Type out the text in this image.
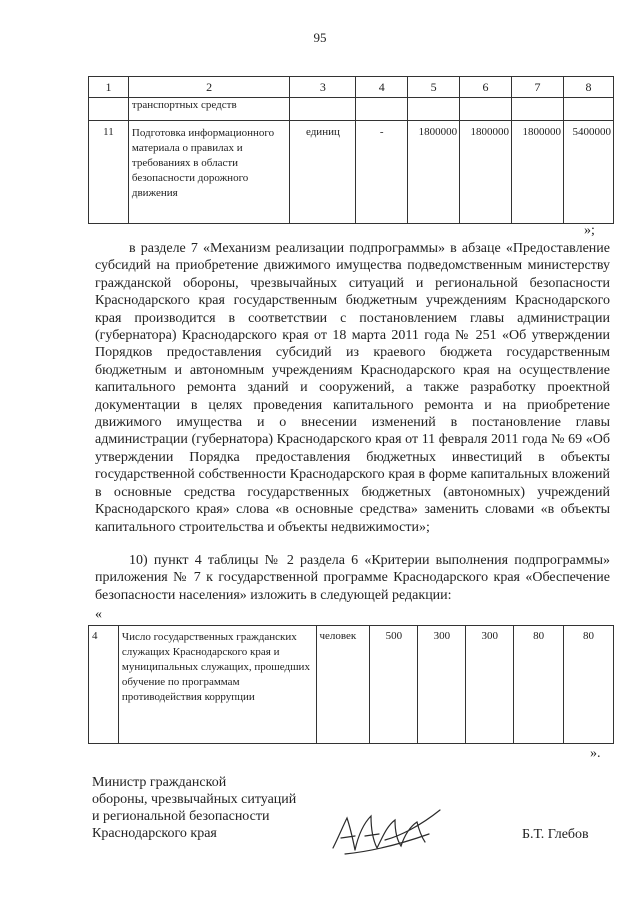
95
1	2	3	4	5	6	7	8
	транспортных средств						
11	Подготовка информационного материала о правилах и требованиях в области безопасности дорожного движения	единиц	-	1800000	1800000	1800000	5400000
»;

в разделе 7 «Механизм реализации подпрограммы» в абзаце «Предоставление субсидий на приобретение движимого имущества подведомственным министерству гражданской обороны, чрезвычайных ситуаций и региональной безопасности Краснодарского края государственным бюджетным учреждениям Краснодарского края производится в соответствии с постановлением главы администрации (губернатора) Краснодарского края от 18 марта 2011 года № 251 «Об утверждении Порядков предоставления субсидий из краевого бюджета государственным бюджетным и автономным учреждениям Краснодарского края на осуществление капитального ремонта зданий и сооружений, а также разработку проектной документации в целях проведения капитального ремонта и на приобретение движимого имущества и о внесении изменений в постановление главы администрации (губернатора) Краснодарского края от 11 февраля 2011 года № 69 «Об утверждении Порядка предоставления бюджетных инвестиций в объекты государственной собственности Краснодарского края в форме капитальных вложений в основные средства государственных бюджетных (автономных) учреждений Краснодарского края» слова «в основные средства» заменить словами «в объекты капитального строительства и объекты недвижимости»;

10) пункт 4 таблицы № 2 раздела 6 «Критерии выполнения подпрограммы» приложения № 7 к государственной программе Краснодарского края «Обеспечение безопасности населения» изложить в следующей редакции:

«
4	Число государственных гражданских служащих Краснодарского края и муниципальных служащих, прошедших обучение по программам противодействия коррупции	человек	500	300	300	80	80
».

Министр гражданской
обороны, чрезвычайных ситуаций
и региональной безопасности
Краснодарского края	Б.Т. Глебов
